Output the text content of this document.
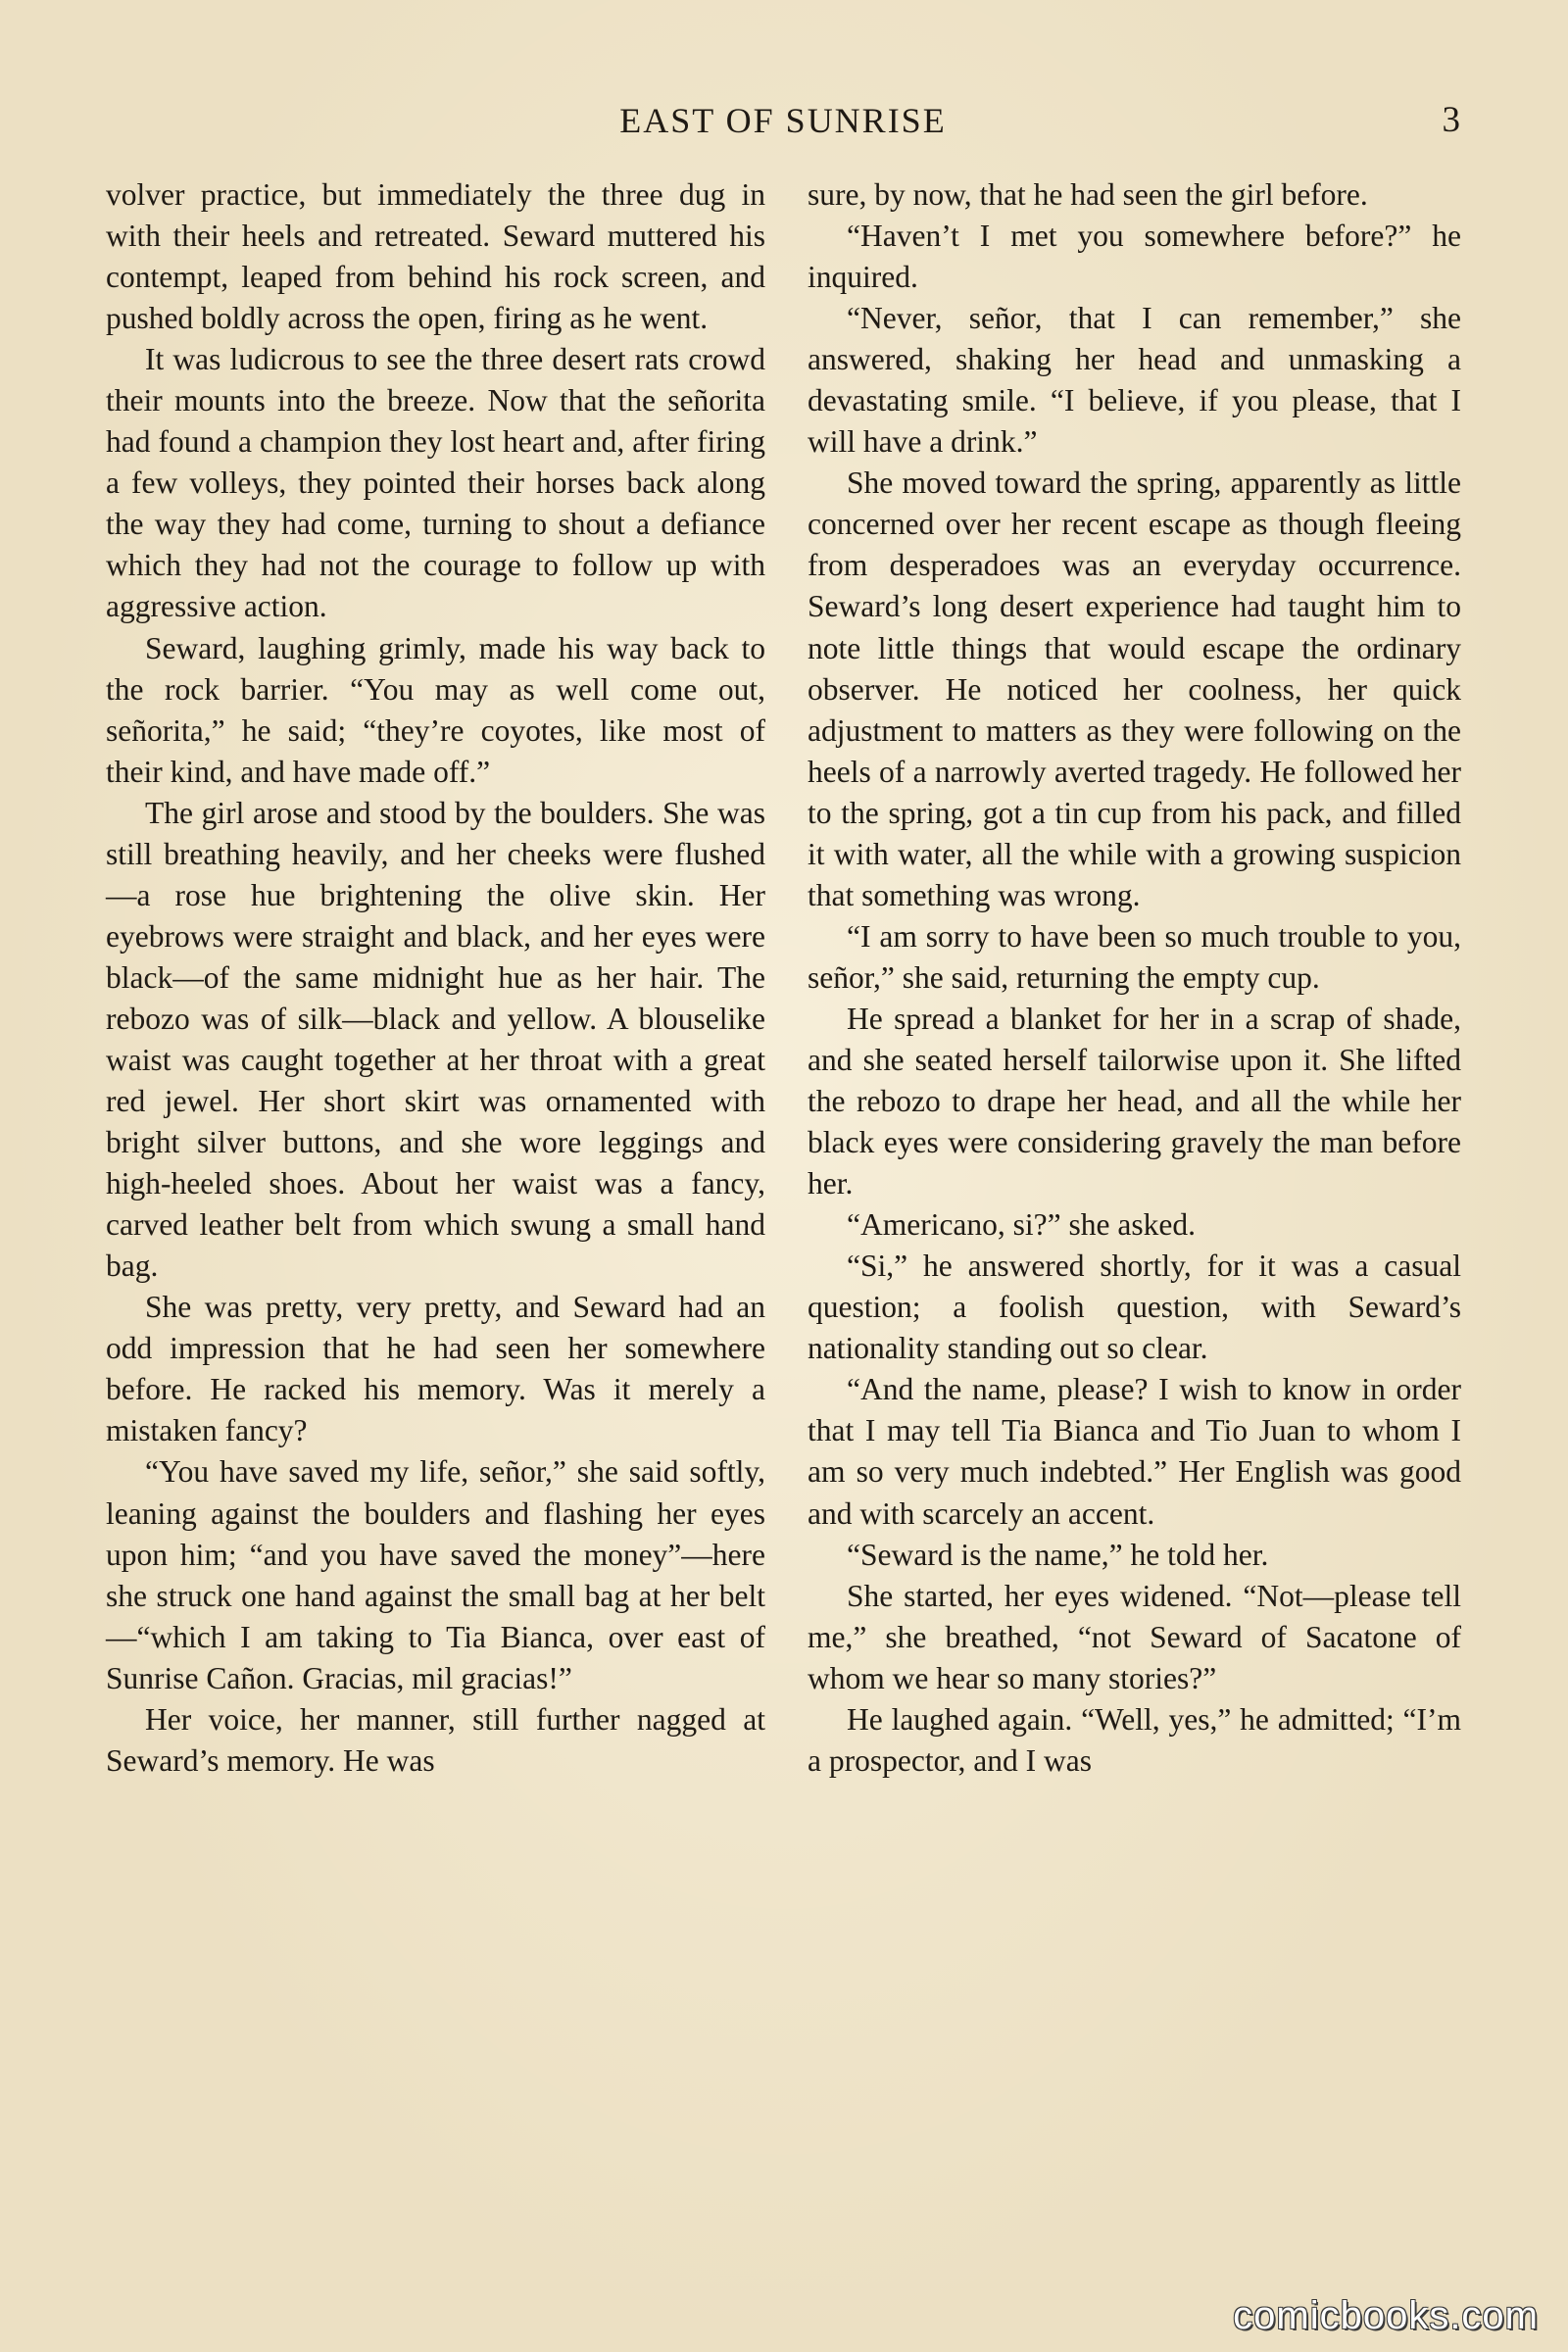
EAST OF SUNRISE	3

volver practice, but immediately the three dug in with their heels and retreated. Seward muttered his contempt, leaped from behind his rock screen, and pushed boldly across the open, firing as he went.

It was ludicrous to see the three desert rats crowd their mounts into the breeze. Now that the señorita had found a champion they lost heart and, after firing a few volleys, they pointed their horses back along the way they had come, turning to shout a defiance which they had not the courage to follow up with aggressive action.

Seward, laughing grimly, made his way back to the rock barrier. “You may as well come out, señorita,” he said; “they’re coyotes, like most of their kind, and have made off.”

The girl arose and stood by the boulders. She was still breathing heavily, and her cheeks were flushed—a rose hue brightening the olive skin. Her eyebrows were straight and black, and her eyes were black—of the same midnight hue as her hair. The rebozo was of silk—black and yellow. A blouselike waist was caught together at her throat with a great red jewel. Her short skirt was ornamented with bright silver buttons, and she wore leggings and high-heeled shoes. About her waist was a fancy, carved leather belt from which swung a small hand bag.

She was pretty, very pretty, and Seward had an odd impression that he had seen her somewhere before. He racked his memory. Was it merely a mistaken fancy?

“You have saved my life, señor,” she said softly, leaning against the boulders and flashing her eyes upon him; “and you have saved the money”—here she struck one hand against the small bag at her belt—“which I am taking to Tia Bianca, over east of Sunrise Cañon. Gracias, mil gracias!”

Her voice, her manner, still further nagged at Seward’s memory. He was

sure, by now, that he had seen the girl before.

“Haven’t I met you somewhere before?” he inquired.

“Never, señor, that I can remember,” she answered, shaking her head and unmasking a devastating smile. “I believe, if you please, that I will have a drink.”

She moved toward the spring, apparently as little concerned over her recent escape as though fleeing from desperadoes was an everyday occurrence. Seward’s long desert experience had taught him to note little things that would escape the ordinary observer. He noticed her coolness, her quick adjustment to matters as they were following on the heels of a narrowly averted tragedy. He followed her to the spring, got a tin cup from his pack, and filled it with water, all the while with a growing suspicion that something was wrong.

“I am sorry to have been so much trouble to you, señor,” she said, returning the empty cup.

He spread a blanket for her in a scrap of shade, and she seated herself tailorwise upon it. She lifted the rebozo to drape her head, and all the while her black eyes were considering gravely the man before her.

“Americano, si?” she asked.

“Si,” he answered shortly, for it was a casual question; a foolish question, with Seward’s nationality standing out so clear.

“And the name, please? I wish to know in order that I may tell Tia Bianca and Tio Juan to whom I am so very much indebted.” Her English was good and with scarcely an accent.

“Seward is the name,” he told her.

She started, her eyes widened. “Not—please tell me,” she breathed, “not Seward of Sacatone of whom we hear so many stories?”

He laughed again. “Well, yes,” he admitted; “I’m a prospector, and I was

comicbooks.com
